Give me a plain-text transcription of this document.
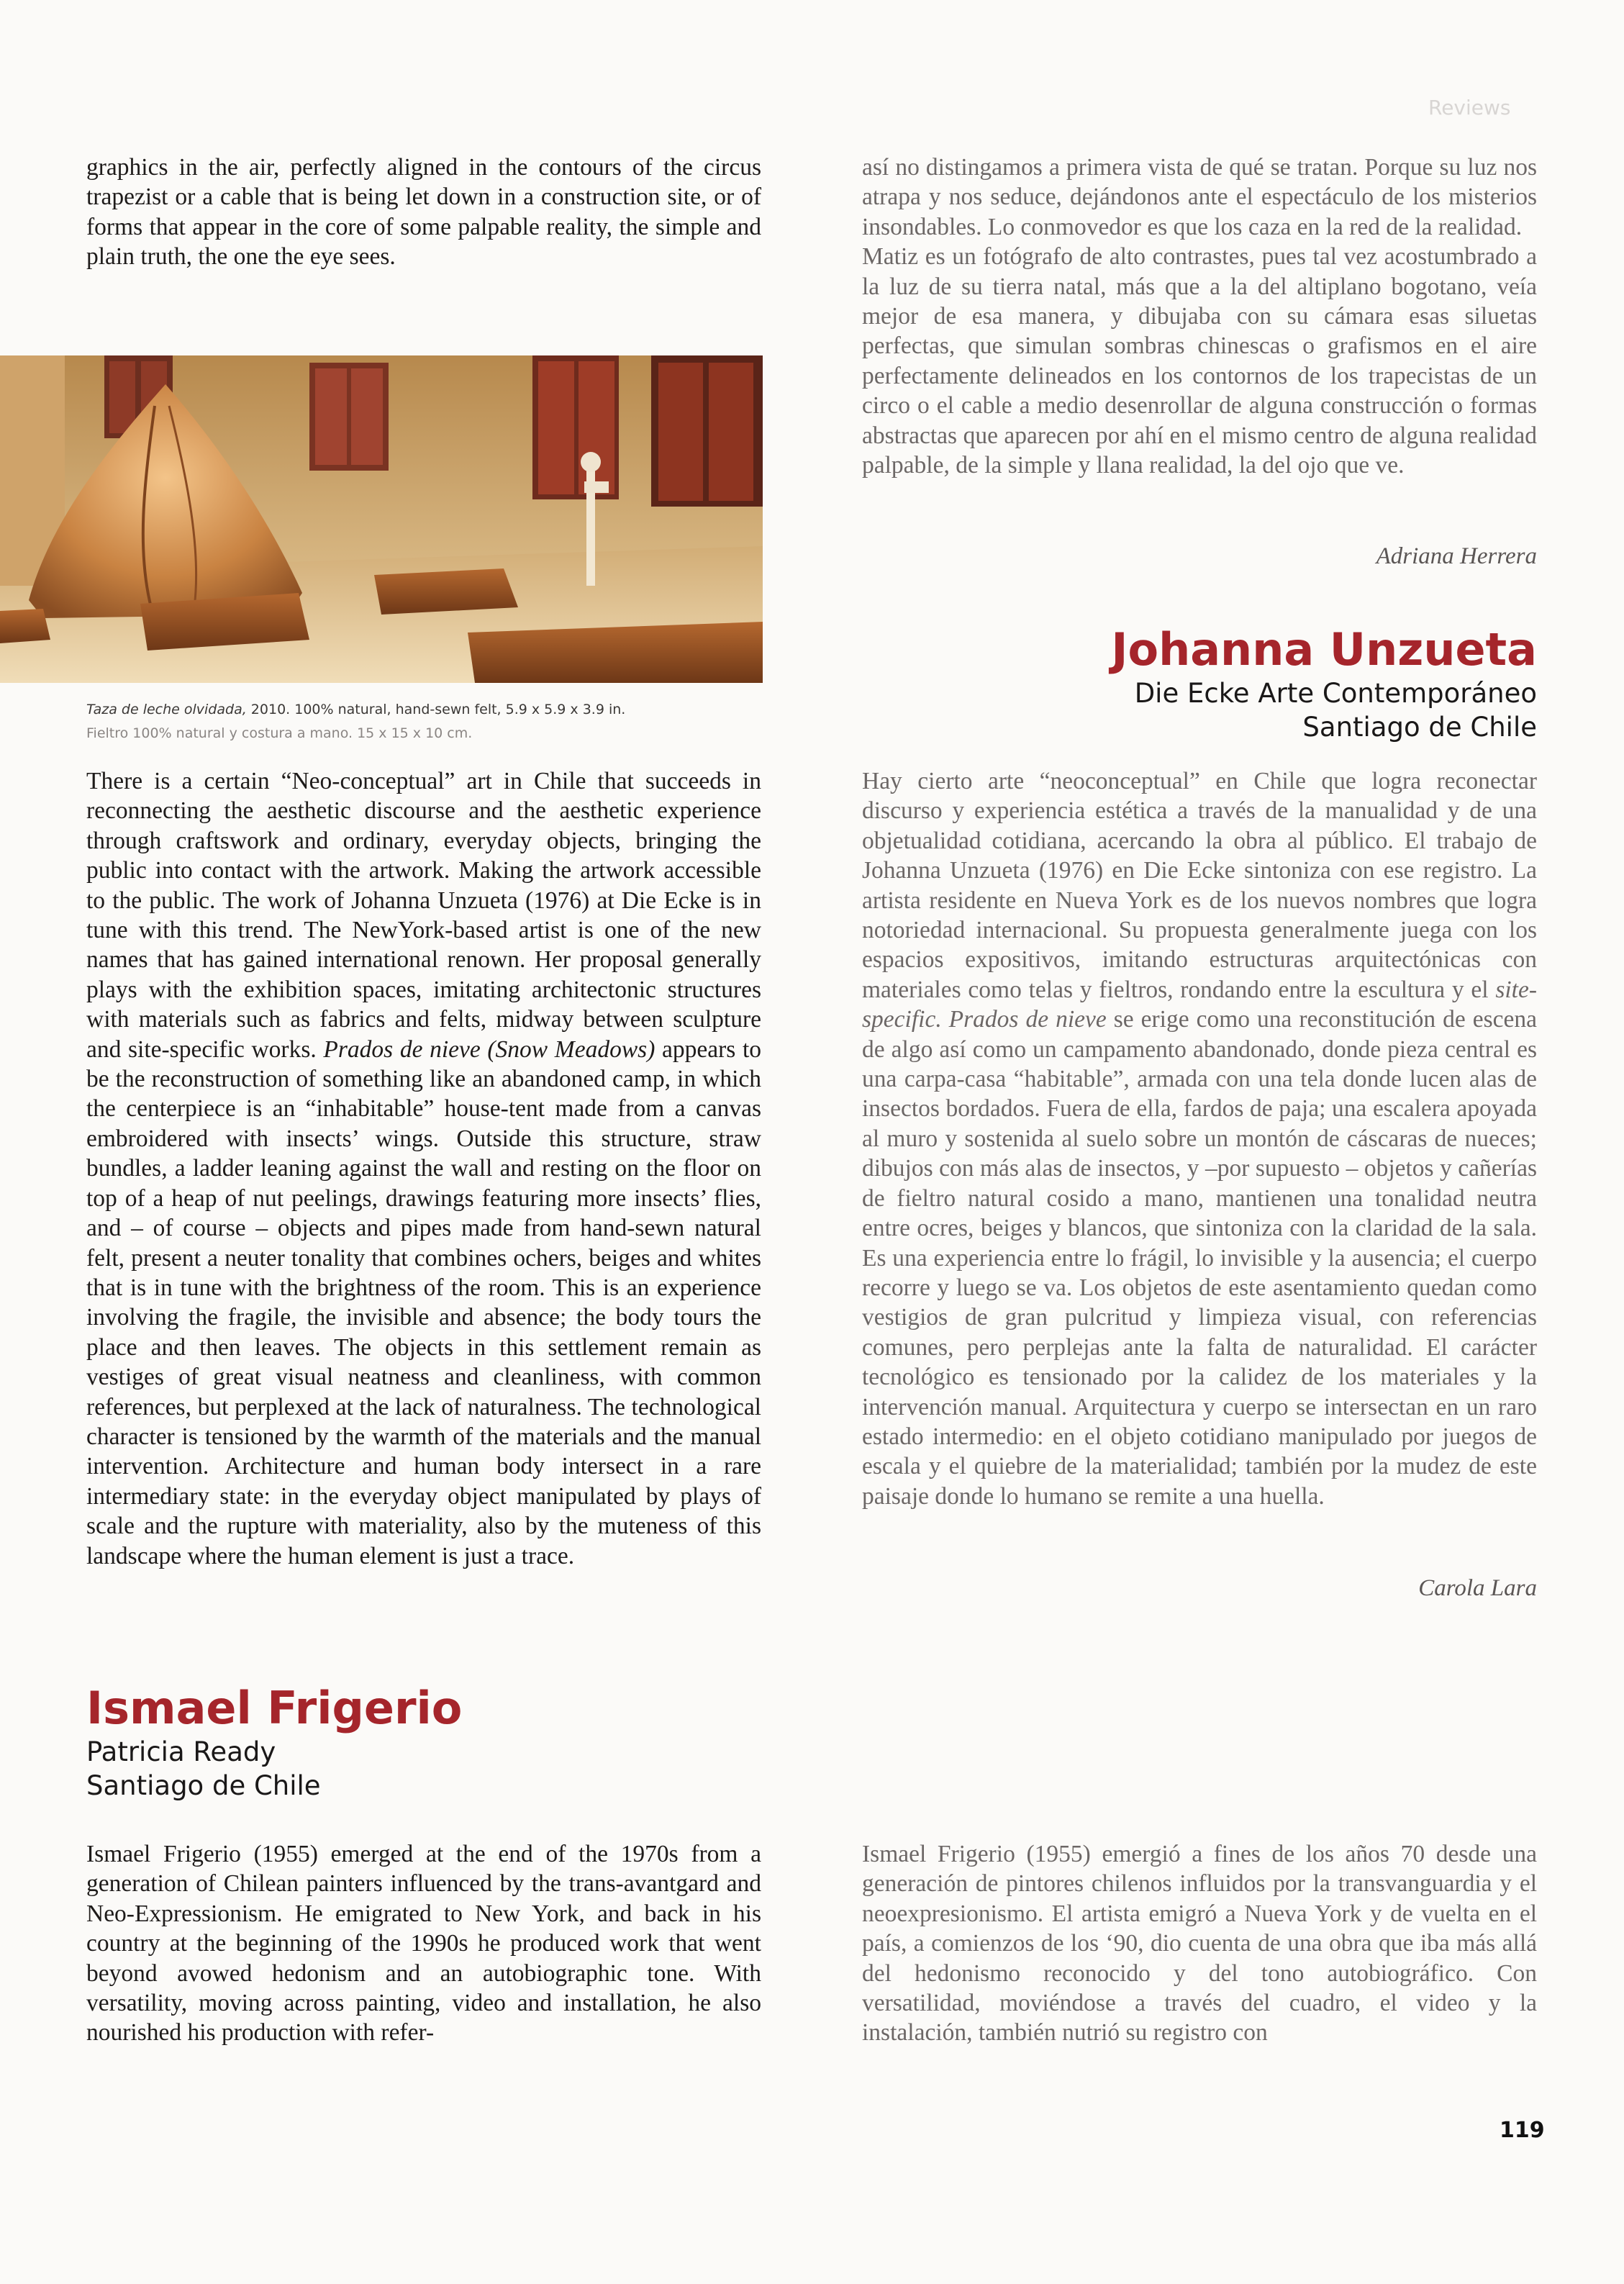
Reviews

graphics in the air, perfectly aligned in the contours of the circus trapezist or a cable that is being let down in a construction site, or of forms that appear in the core of some palpable reality, the simple and plain truth, the one the eye sees.

Taza de leche olvidada, 2010. 100% natural, hand-sewn felt, 5.9 x 5.9 x 3.9 in.
Fieltro 100% natural y costura a mano. 15 x 15 x 10 cm.

There is a certain “Neo-conceptual” art in Chile that succeeds in reconnecting the aesthetic discourse and the aesthetic experience through craftswork and ordinary, everyday objects, bringing the public into contact with the artwork. Making the artwork accessible to the public. The work of Johanna Unzueta (1976) at Die Ecke is in tune with this trend. The NewYork-based artist is one of the new names that has gained international renown. Her proposal generally plays with the exhibition spaces, imitating architectonic structures with materials such as fabrics and felts, midway between sculpture and site-specific works. Prados de nieve (Snow Meadows) appears to be the reconstruction of something like an abandoned camp, in which the centerpiece is an “inhabitable” house-tent made from a canvas embroidered with insects’ wings. Outside this structure, straw bundles, a ladder leaning against the wall and resting on the floor on top of a heap of nut peelings, drawings featuring more insects’ flies, and – of course – objects and pipes made from hand-sewn natural felt, present a neuter tonality that combines ochers, beiges and whites that is in tune with the brightness of the room. This is an experience involving the fragile, the invisible and absence; the body tours the place and then leaves. The objects in this settlement remain as vestiges of great visual neatness and cleanliness, with common references, but perplexed at the lack of naturalness. The technological character is tensioned by the warmth of the materials and the manual intervention. Architecture and human body intersect in a rare intermediary state: in the everyday object manipulated by plays of scale and the rupture with materiality, also by the muteness of this landscape where the human element is just a trace.

Ismael Frigerio

Patricia Ready

Santiago de Chile

Ismael Frigerio (1955) emerged at the end of the 1970s from a generation of Chilean painters influenced by the trans-avantgard and Neo-Expressionism. He emigrated to New York, and back in his country at the beginning of the 1990s he produced work that went beyond avowed hedonism and an autobiographic tone. With versatility, moving across painting, video and installation, he also nourished his production with refer-

así no distingamos a primera vista de qué se tratan. Porque su luz nos atrapa y nos seduce, dejándonos ante el espectáculo de los misterios insondables. Lo conmovedor es que los caza en la red de la realidad.

Matiz es un fotógrafo de alto contrastes, pues tal vez acostumbrado a la luz de su tierra natal, más que a la del altiplano bogotano, veía mejor de esa manera, y dibujaba con su cámara esas siluetas perfectas, que simulan sombras chinescas o grafismos en el aire perfectamente delineados en los contornos de los trapecistas de un circo o el cable a medio desenrollar de alguna construcción o formas abstractas que aparecen por ahí en el mismo centro de alguna realidad palpable, de la simple y llana realidad, la del ojo que ve.

Adriana Herrera
Johanna Unzueta

Die Ecke Arte Contemporáneo

Santiago de Chile

Hay cierto arte “neoconceptual” en Chile que logra reconectar discurso y experiencia estética a través de la manualidad y de una objetualidad cotidiana, acercando la obra al público. El trabajo de Johanna Unzueta (1976) en Die Ecke sintoniza con ese registro. La artista residente en Nueva York es de los nuevos nombres que logra notoriedad internacional. Su propuesta generalmente juega con los espacios expositivos, imitando estructuras arquitectónicas con materiales como telas y fieltros, rondando entre la escultura y el site-specific. Prados de nieve se erige como una reconstitución de escena de algo así como un campamento abandonado, donde pieza central es una carpa-casa “habitable”, armada con una tela donde lucen alas de insectos bordados. Fuera de ella, fardos de paja; una escalera apoyada al muro y sostenida al suelo sobre un montón de cáscaras de nueces; dibujos con más alas de insectos, y –por supuesto – objetos y cañerías de fieltro natural cosido a mano, mantienen una tonalidad neutra entre ocres, beiges y blancos, que sintoniza con la claridad de la sala. Es una experiencia entre lo frágil, lo invisible y la ausencia; el cuerpo recorre y luego se va. Los objetos de este asentamiento quedan como vestigios de gran pulcritud y limpieza visual, con referencias comunes, pero perplejas ante la falta de naturalidad. El carácter tecnológico es tensionado por la calidez de los materiales y la intervención manual. Arquitectura y cuerpo se intersectan en un raro estado intermedio: en el objeto cotidiano manipulado por juegos de escala y el quiebre de la materialidad; también por la mudez de este paisaje donde lo humano se remite a una huella.

Carola Lara

Ismael Frigerio (1955) emergió a fines de los años 70 desde una generación de pintores chilenos influidos por la transvanguardia y el neoexpresionismo. El artista emigró a Nueva York y de vuelta en el país, a comienzos de los ‘90, dio cuenta de una obra que iba más allá del hedonismo reconocido y del tono autobiográfico. Con versatilidad, moviéndose a través del cuadro, el video y la instalación, también nutrió su registro con

119
